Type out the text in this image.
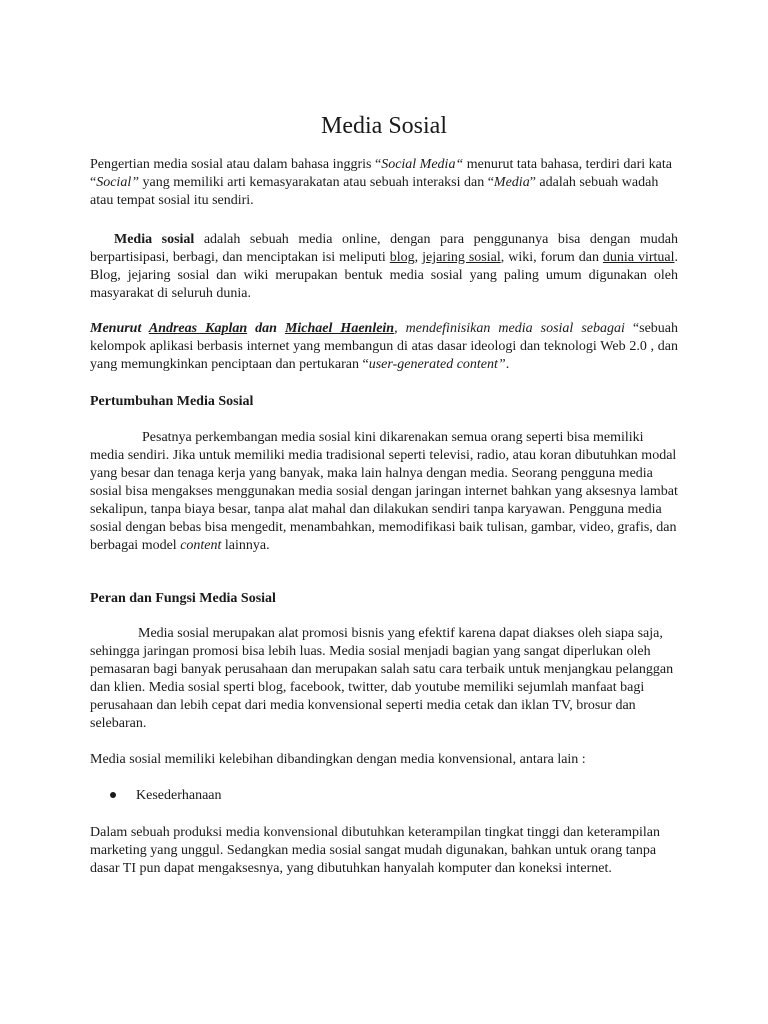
Media Sosial
Pengertian media sosial atau dalam bahasa inggris “Social Media“ menurut tata bahasa, terdiri dari kata “Social” yang memiliki arti kemasyarakatan atau sebuah interaksi dan “Media” adalah sebuah wadah atau tempat sosial itu sendiri.
Media sosial adalah sebuah media online, dengan para penggunanya bisa dengan mudah berpartisipasi, berbagi, dan menciptakan isi meliputi blog, jejaring sosial, wiki, forum dan dunia virtual. Blog, jejaring sosial dan wiki merupakan bentuk media sosial yang paling umum digunakan oleh masyarakat di seluruh dunia.
Menurut Andreas Kaplan dan Michael Haenlein, mendefinisikan media sosial sebagai “sebuah kelompok aplikasi berbasis internet yang membangun di atas dasar ideologi dan teknologi Web 2.0 , dan yang memungkinkan penciptaan dan pertukaran “user-generated content”.
Pertumbuhan Media Sosial
Pesatnya perkembangan media sosial kini dikarenakan semua orang seperti bisa memiliki media sendiri. Jika untuk memiliki media tradisional seperti televisi, radio, atau koran dibutuhkan modal yang besar dan tenaga kerja yang banyak, maka lain halnya dengan media. Seorang pengguna media sosial bisa mengakses menggunakan media sosial dengan jaringan internet bahkan yang aksesnya lambat sekalipun, tanpa biaya besar, tanpa alat mahal dan dilakukan sendiri tanpa karyawan. Pengguna media sosial dengan bebas bisa mengedit, menambahkan, memodifikasi baik tulisan, gambar, video, grafis, dan berbagai model content lainnya.
Peran dan Fungsi Media Sosial
Media sosial merupakan alat promosi bisnis yang efektif karena dapat diakses oleh siapa saja, sehingga jaringan promosi bisa lebih luas. Media sosial menjadi bagian yang sangat diperlukan oleh pemasaran bagi banyak perusahaan dan merupakan salah satu cara terbaik untuk menjangkau pelanggan dan klien. Media sosial sperti blog, facebook, twitter, dab youtube memiliki sejumlah manfaat bagi perusahaan dan lebih cepat dari media konvensional seperti media cetak dan iklan TV, brosur dan selebaran.
Media sosial memiliki kelebihan dibandingkan dengan media konvensional, antara lain :
Kesederhanaan
Dalam sebuah produksi media konvensional dibutuhkan keterampilan tingkat tinggi dan keterampilan marketing yang unggul. Sedangkan media sosial sangat mudah digunakan, bahkan untuk orang tanpa dasar TI pun dapat mengaksesnya, yang dibutuhkan hanyalah komputer dan koneksi internet.
